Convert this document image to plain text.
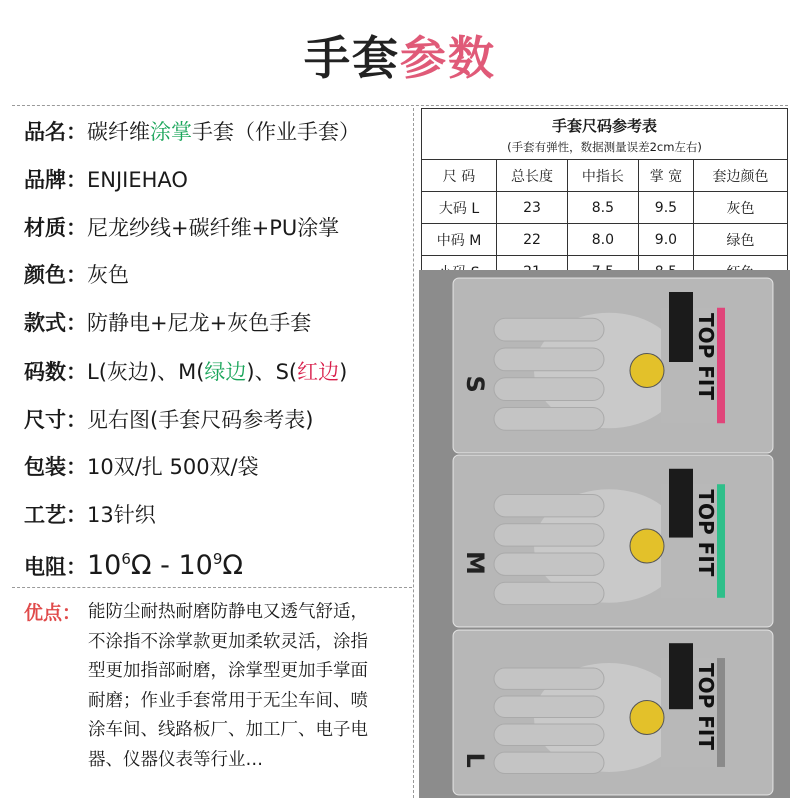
手套参数
品名：碳纤维涂掌手套（作业手套）
品牌：ENJIEHAO
材质：尼龙纱线+碳纤维+PU涂掌
颜色：灰色
款式：防静电+尼龙+灰色手套
码数：L(灰边)、M(绿边)、S(红边)
尺寸：见右图(手套尺码参考表)
包装：10双/扎 500双/袋
工艺：13针织
电阻：$10^6\Omega - 10^9\Omega$
优点： 能防尘耐热耐磨防静电又透气舒适，
不涂指不涂掌款更加柔软灵活，涂指
型更加指部耐磨，涂掌型更加手掌面
耐磨；作业手套常用于无尘车间、喷
涂车间、线路板厂、加工厂、电子电
器、仪器仪表等行业…
手套尺码参考表
(手套有弹性，数据测量误差2cm左右)				

尺 码	总长度	中指长	掌 宽	套边颜色
大码 L	23	8.5	9.5	灰色
中码 M	22	8.0	9.0	绿色

TOP FIT
S
TOP FIT
M
TOP FIT
L
